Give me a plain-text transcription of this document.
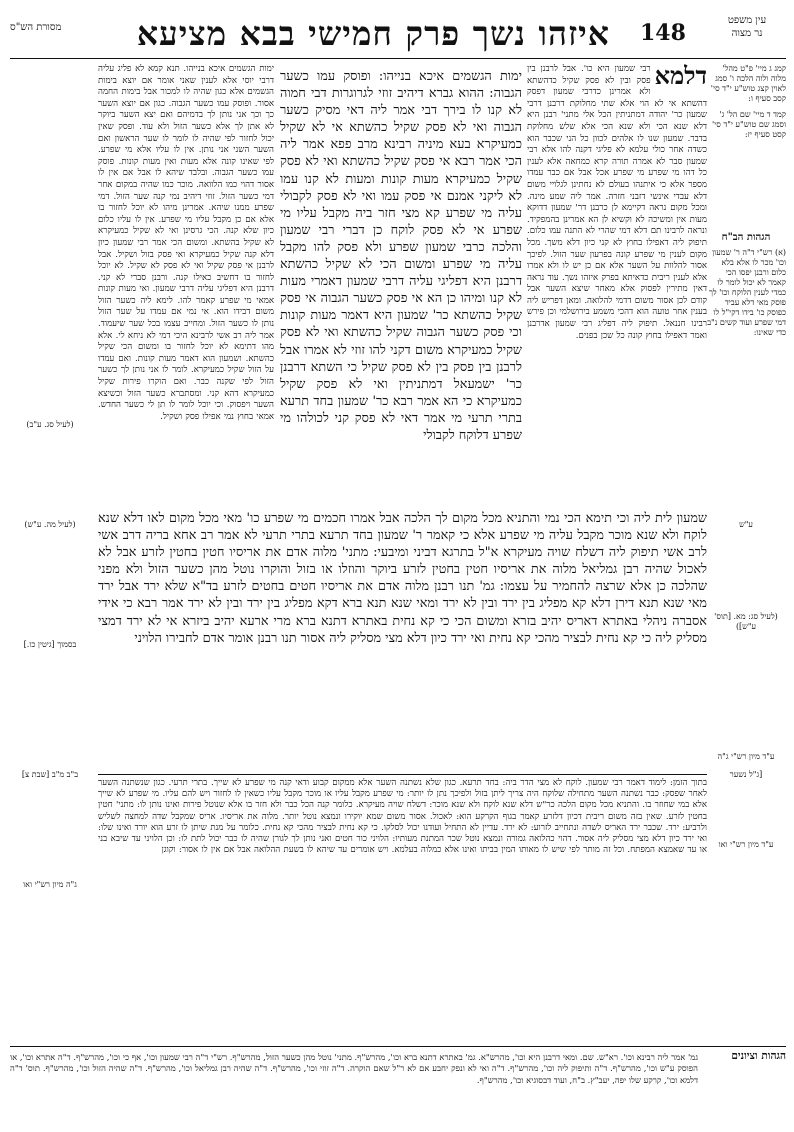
עין משפט
נר מצוה
148
איזהו נשך פרק חמישי בבא מציעא
מסורת הש"ס
קמג ג מיי' פ"ט מהל' מלוה ולוה הלכה ו' סמג לאוין קצג טוש"ע י"ד סי' קסב סעיף ו:
קמד ד מיי' שם הל' ג' וסמג שם טוש"ע י"ד סי' קסט סעיף יז:
הגהות הב"ח
(א) רש"י ד"ה ר' שמעון וכו' מכר לו אלא בלא כלום ורבנן יפסו הכי קאמר לא יכול לומר לו כמדי לענין הלוקח וכו' לך פוסק מאי דלא עביד כפוסק כו' בידו דקי"ל לו דמי שפרע ועוד קשים נ"ב כדי שאינו:
ע"ש
(לעיל סג: מא. [תוס' ע"ש])
ע"ד מיון רש"י ג"ה
[ג"ל נשער
ע"ד מיון רש"י ואו
דלמא
רבי שמעון היא כו'. אבל לרבנן בין פסק ובין לא פסק שקיל כדהשתא ולא אמרינן כדרבי שמעון דפסק דהשתא אי לא הוי אלא שתי מחלוקת דרבנן דרבי שמעון כר' יהודה דמתניתין הכל אלי מתני' רבנן היא דלא שנא הכי ולא שנא הכי אלא שלש מחלוקת בדבר. שמעון שנו לו אלהים לכוון כל הני שכבר הוא כשדה אחר כולי עלמא לא פליגי דקנה להו אלא רבי שמעון סבר לא אמרה תורה קרא כמחאה אלא לענין כל דהו מי שפרע מי שפרע אכל אבל אם כבר עמדו מספר אלא כי איתנהו בעולם לא נחתינן לגלויי משום דלא עבדי אינשי דזבני חזרה. אמר ליה שמע מינה. ומכל מקום נראה דקיימא לן כרבנן דר' שמעון דדוקא מעות אין ומשיכה לא וקשיא לן הא אמרינן בהמפקיד. ונראה לרבינו תם דלא דמי שהרי לא התנה עמו כלום. תיפוק ליה דאפילו בחוץ לא קני כיון דלא משך. מכל מקום לענין מי שפרע קונה בפרעון שער הזול. לפיכך אסור להלוות על השער אלא אם כן יש לו ולא אמרו אלא לענין ריבית כדאיתא בפרק איזהו נשך. עוד נראה דאין מתירין לפסוק אלא מאחר שיצא השער אבל קודם לכן אסור משום דדמי להלואה. ומאן דפריש ליה בענין אחר טועה הוא דהכי משמע בירושלמי וכן פירש רבינו חננאל. תיפוק ליה דפליג רבי שמעון אדרבנן ואמר דאפילו בחוץ קונה כל שכן בפנים.
ימות הגשמים איכא בנייהו. תנא קמא לא פליג עליה דרבי יוסי אלא לענין שאני אומר אם יוצא בימות הגשמים אלא כגון שהיה לו למכור אבל בימות החמה אסור. ופוסק עמו כשער הגבוה. כגון אם יוצא השער כך וכך אני נותן לך בדמיהם ואם יצא השער ביוקר לא אתן לך אלא כשער הזול ולא עוד. ופסק שאין יכול לחזור לפי שהיה לו לומר לו שער הראשון ואם השער השני אני נותן. אין לו עליו אלא מי שפרע. לפי שאינו קונה אלא מעות ואין מעות קונות. פוסק עמו כשער הגבוה. ובלבד שיהא לו אבל אם אין לו אסור דהוי כמו הלוואה. מוכר כמו שהיה במקום אחר דמי כשער הזול. זוזי דיהיב נמי קנה שער הזול. דמי שפרע ממנו שיהא. אמרינן מיהו לא יוכל לחזור בו אלא אם כן מקבל עליו מי שפרע. אין לו עליו כלום כיון שלא קנה. הכי גרסינן ואי לא שקיל כמעיקרא לא שקיל בהשתא. ומשום הכי אמר רבי שמעון כיון דלא קנה שקיל כמעיקרא ואי פסק בזול ושקיל. אבל לרבנן אי פסק שקיל ואי לא פסק לא שקיל. לא יוכל לחזור בו דחשיב כאילו קנה. ורבנן סברי לא קני. דרבנן היא דפליגי עליה דרבי שמעון. ואי מעות קונות אמאי מי שפרע קאמר להו. לימא ליה כשער הזול משום דבידו הוא. אי נמי אם עמדו על שער הזול נותן לו כשער הזול. ומחייב עצמו בכל שער שיעמוד. אמר ליה רב אשי לרבינא היכי דמי לא ניחא לי. אלא מהו דתימא לא יוכל לחזור בו ומשום הכי שקיל כהשתא. ושמעון הוא דאמר מעות קונות. ואם עמדו על הזול שקיל כמעיקרא. לומר לו אני נותן לך כשער הזול לפי שקנה כבר. ואם הוקרו פירות שקיל כמעיקרא דהא קני. ומסתברא כשער הזול וכשיצא השער ויפסוק. וכי יוכל לומר לו תן לי כשער החדש. אמאי בחוץ נמי אפילו פסק ושקיל.
ימות הגשמים איכא בנייהו: ופוסק עמו כשער הגבוה: ההוא גברא דיהיב זוזי לגרוגרות דבי חמוה לא קנו לו בירך דבי אמר ליה דאי מסיק כשער הגבוה ואי לא פסק שקיל כהשתא אי לא שקיל כמעיקרא בעא מיניה רבינא מרב פפא אמר ליה הכי אמר רבא אי פסק שקיל כהשתא ואי לא פסק שקיל כמעיקרא מעות קונות ומעות לא קנו עמו לא ליקני אמנם אי פסק עמו ואי לא פסק לקבולי עליה מי שפרע קא מצי חזר ביה מקבל עליו מי שפרע אי לא פסק לוקח כן דברי רבי שמעון והלכה כרבי שמעון שפרע ולא פסק להו מקבל עליה מי שפרע ומשום הכי לא שקיל כהשתא דרבנן היא דפליגי עליה דרבי שמעון דאמרי מעות לא קנו ומיהו כן הא אי פסק כשער הגבוה אי פסק שקיל כהשתא כר' שמעון היא דאמר מעות קונות וכי פסק כשער הגבוה שקיל כהשתא ואי לא פסק שקיל כמעיקרא משום דקני להו זוזי לא אמרו אבל לרבנן בין פסק בין לא פסק שקיל כי השתא דרבנן כר' ישמעאל דמתניתין ואי לא פסק שקיל כמעיקרא כי הא אמר רבא כר' שמעון בחד תרעא בתרי תרעי מי אמר דאי לא פסק קני לכולהו מי שפרע דלוקח לקבולי
(לעיל סג. ע"ב)
(לעיל מה. ע"ש)	שמעון לית ליה וכי תימא הכי נמי והתניא מכל מקום לך הלכה אבל אמרו חכמים מי שפרע כו' מאי מכל מקום לאו דלא שנא לוקח ולא שנא מוכר מקבל עליה מי שפרע אלא כי קאמר ר' שמעון בחד תרעא בתרי תרעי לא אמר רב אחא בריה דרב אשי לרב אשי תיפוק ליה דשלח שויה מעיקרא א"ל בתרגא דביני ומיבעי: מתני' מלוה אדם את אריסיו חטין בחטין לזרע אבל לא לאכול שהיה רבן גמליאל מלוה את אריסיו חטין בחטין לזרע ביוקר והוזלו או בזול והוקרו נוטל מהן כשער הזול ולא מפני שהלכה כן אלא שרצה להחמיר על עצמו: גמ' תנו רבנן מלוה אדם את אריסיו חטים בחטים לזרע בד"א שלא ירד אבל ירד מאי שנא תנא דירן דלא קא מפליג בין ירד ובין לא ירד ומאי שנא תנא ברא דקא מפליג בין ירד ובין לא ירד אמר רבא כי אידי אסברה ניהלי באתרא דאריס יהיב בזרא ומשום הכי כי קא נחית באתרא דתנא ברא מרי ארעא יהיב ביזרא אי לא ירד דמצי מסליק ליה כי קא נחית לבציר מהכי קא נחית ואי ירד כיון דלא מצי מסליק ליה אסור תנו רבנן אומר אדם לחבירו הלויני
בסמוך [גיטין כו.]
ב"ב מ"ב [שבת צ]
ג"ה מיון רש"י ואו
בתוך הזמן: לימוד דאמר רבי שמעון. לוקח לא מצי הדר ביה: בחד תרעא. כגון שלא נשתנה השער אלא ממקום קבוע ודאי קנה מי שפרע לא שייך. בתרי תרעי. כגון שנשתנה השער לאחר שפסק: כבר נשתנה השער מתחילה שלוקח היה צריך ליתן בזול ולפיכך נתן לו יותר: מי שפרע מקבל עליו או מוכר מקבל עליו כשאין לו לחזור ויש להם עליו. מי שפרע לא שייך אלא במי שחוזר בו. והתניא מכל מקום הלכה כר"ש דלא שנא לוקח ולא שנא מוכר: דשלח שויה מעיקרא. כלומר קנה הכל כבר ולא חזר בו אלא שנוטל פירות ואינו נותן לו: מתני' חטין בחטין לזרע. שאין בזה משום ריבית דכיון דלזרע קאמר בגוף הקרקע הוא: לאכול. אסור משום שמא יוקירו ונמצא נוטל יותר. מלוה את אריסיו. אריס שמקבל שדה למחצה לשליש ולרביע: ירד. שכבר ירד האריס לשדה ונתחייב לזרוע: לא ירד. עדיין לא התחיל ועודנו יכול לסלקו. כי קא נחית לבציר מהכי קא נחית. כלומר על מנת שיתן לו זרע הוא יורד ואינו שלו: ואי ירד כיון דלא מצי מסליק ליה אסור. דהוי כהלואה גמורה ונמצא נוטל שכר המתנת מעותיו: הלויני כור חטים ואני נותן לך לגורן שהיה לו כבר יכול לתת לו: וכן הלויני עד שיבא בני או עד שאמצא המפתח. וכל זה מותר לפי שיש לו מאותו המין בביתו ואינו אלא כמלוה בעלמא. ויש אומרים עד שיהא לו בשעת ההלואה אבל אם אין לו אסור: וקוגן
הגהות וציונים
גמ' אמר ליה רבינא וכו'. רא"ש. שם. ומאי דרבנן היא וכו', מהרש"א. גמ' באתרא דתנא ברא וכו', מהרש"ף. מתני' נוטל מהן כשער הזול, מהרש"ף. רש"י ד"ה רבי שמעון וכו', אף כי וכו', מהרש"ף. ד"ה אתרא וכו', או הפוסק ע"ש וכו', מהרש"ף. ד"ה ותיפוק ליה וכו', מהרש"ף. ד"ה ואי לא ונפק יחבע אם לא ר"ל שאם הוקרה. ד"ה זוזי וכו', מהרש"ף. ד"ה שהיה רבן גמליאל וכו', מהרש"ף. ד"ה שהיה הזול וכו', מהרש"ף. תוס' ד"ה דלמא וכו', קרקע שלו יפה, יעב"ץ. ב"ח, ועוד דבסוגיא וכו', מהרש"ף.
